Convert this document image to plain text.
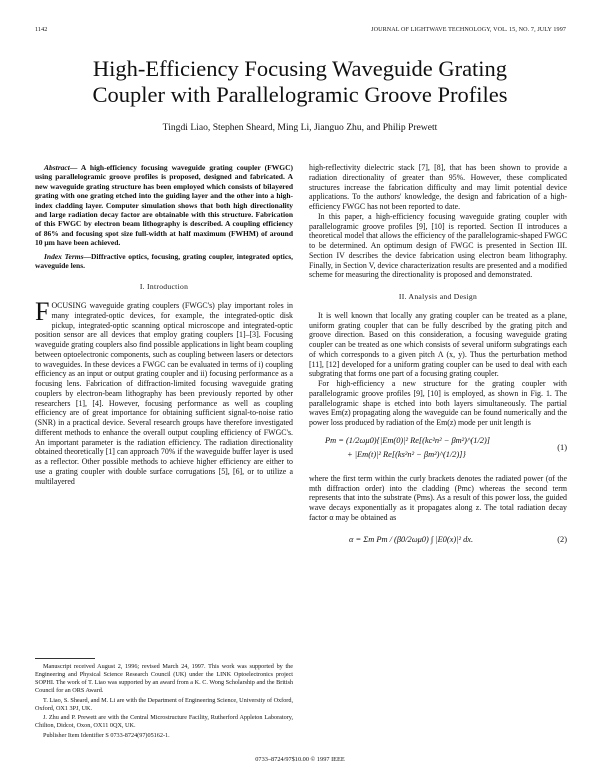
1142	JOURNAL OF LIGHTWAVE TECHNOLOGY, VOL. 15, NO. 7, JULY 1997
High-Efficiency Focusing Waveguide Grating
Coupler with Parallelogramic Groove Profiles
Tingdi Liao, Stephen Sheard, Ming Li, Jianguo Zhu, and Philip Prewett

Abstract— A high-efficiency focusing waveguide grating coupler (FWGC) using parallelogramic groove profiles is proposed, designed and fabricated. A new waveguide grating structure has been employed which consists of bilayered grating with one grating etched into the guiding layer and the other into a high-index cladding layer. Computer simulation shows that both high directionality and large radiation decay factor are obtainable with this structure. Fabrication of this FWGC by electron beam lithography is described. A coupling efficiency of 86% and focusing spot size full-width at half maximum (FWHM) of around 10 μm have been achieved.

Index Terms—Diffractive optics, focusing, grating coupler, integrated optics, waveguide lens.

I. Introduction

FOCUSING waveguide grating couplers (FWGC's) play important roles in many integrated-optic devices, for example, the integrated-optic disk pickup, integrated-optic scanning optical microscope and integrated-optic position sensor are all devices that employ grating couplers [1]–[3]. Focusing waveguide grating couplers also find possible applications in light beam coupling between optoelectronic components, such as coupling between lasers or detectors to waveguides. In these devices a FWGC can be evaluated in terms of i) coupling efficiency as an input or output grating coupler and ii) focusing performance as a focusing lens. Fabrication of diffraction-limited focusing waveguide grating couplers by electron-beam lithography has been previously reported by other researchers [1], [4]. However, focusing performance as well as coupling efficiency are of great importance for obtaining sufficient signal-to-noise ratio (SNR) in a practical device. Several research groups have therefore investigated different methods to enhance the overall output coupling efficiency of FWGC's. An important parameter is the radiation efficiency. The radiation directionality obtained theoretically [1] can approach 70% if the waveguide buffer layer is used as a reflector. Other possible methods to achieve higher efficiency are either to use a grating coupler with double surface corrugations [5], [6], or to utilize a multilayered

Manuscript received August 2, 1996; revised March 24, 1997. This work was supported by the Engineering and Physical Science Research Council (UK) under the LINK Optoelectronics project SOPHI. The work of T. Liao was supported by an award from a K. C. Wong Scholarship and the British Council for an ORS Award.

T. Liao, S. Sheard, and M. Li are with the Department of Engineering Science, University of Oxford, Oxford, OX1 3PJ, UK.

J. Zhu and P. Prewett are with the Central Microstructure Facility, Rutherford Appleton Laboratory, Chilton, Didcot, Oxon, OX11 0QX, UK.

Publisher Item Identifier S 0733-8724(97)05162-1.

high-reflectivity dielectric stack [7], [8], that has been shown to provide a radiation directionality of greater than 95%. However, these complicated structures increase the fabrication difficulty and may limit potential device applications. To the authors' knowledge, the design and fabrication of a high-efficiency FWGC has not been reported to date.

In this paper, a high-efficiency focusing waveguide grating coupler with parallelogramic groove profiles [9], [10] is reported. Section II introduces a theoretical model that allows the efficiency of the parallelogramic-shaped FWGC to be determined. An optimum design of FWGC is presented in Section III. Section IV describes the device fabrication using electron beam lithography. Finally, in Section V, device characterization results are presented and a modified scheme for measuring the directionality is proposed and demonstrated.

II. Analysis and Design

It is well known that locally any grating coupler can be treated as a plane, uniform grating coupler that can be fully described by the grating pitch and groove direction. Based on this consideration, a focusing waveguide grating coupler can be treated as one which consists of several uniform subgratings each of which corresponds to a given pitch Λ (x, y). Thus the perturbation method [11], [12] developed for a uniform grating coupler can be used to deal with each subgrating that forms one part of a focusing grating coupler.

For high-efficiency a new structure for the grating coupler with parallelogramic groove profiles [9], [10] is employed, as shown in Fig. 1. The parallelogramic shape is etched into both layers simultaneously. The partial waves Em(z) propagating along the waveguide can be found numerically and the power loss produced by radiation of the Em(z) mode per unit length is

Pm = (1/2ωμ0){|Em(0)|² Re[(kc²n² − βm²)^(1/2)]
+ |Em(t)|² Re[(ks²n² − βm²)^(1/2)]}
(1)

where the first term within the curly brackets denotes the radiated power (of the mth diffraction order) into the cladding (Pmc) whereas the second term represents that into the substrate (Pms). As a result of this power loss, the guided wave decays exponentially as it propagates along z. The total radiation decay factor α may be obtained as

α = Σm Pm / (β0/2ωμ0) ∫ |E0(x)|² dx.	(2)
0733–8724/97$10.00 © 1997 IEEE
